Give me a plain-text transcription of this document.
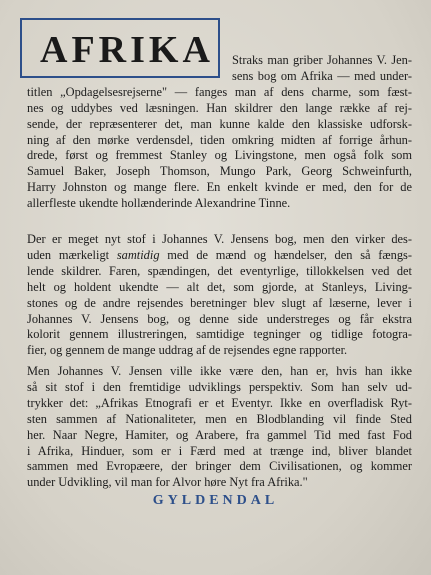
AFRIKA Straks man griber Johannes V. Jen-
sens bog om Afrika — med under-
titlen „Opdagelsesrejserne" — fanges man af dens charme, som fæst-
nes og uddybes ved læsningen. Han skildrer den lange række af rej-
sende, der repræsenterer det, man kunne kalde den klassiske udforsk-
ning af den mørke verdensdel, tiden omkring midten af forrige århun-
drede, først og fremmest Stanley og Livingstone, men også folk som
Samuel Baker, Joseph Thomson, Mungo Park, Georg Schweinfurth,
Harry Johnston og mange flere. En enkelt kvinde er med, den for de
allerfleste ukendte hollænderinde Alexandrine Tinne.
Der er meget nyt stof i Johannes V. Jensens bog, men den virker des-
uden mærkeligt samtidig med de mænd og hændelser, den så fængs-
lende skildrer. Faren, spændingen, det eventyrlige, tillokkelsen ved det
helt og holdent ukendte — alt det, som gjorde, at Stanleys, Living-
stones og de andre rejsendes beretninger blev slugt af læserne, lever i
Johannes V. Jensens bog, og denne side understreges og får ekstra
kolorit gennem illustreringen, samtidige tegninger og tidlige fotogra-
fier, og gennem de mange uddrag af de rejsendes egne rapporter.
Men Johannes V. Jensen ville ikke være den, han er, hvis han ikke
så sit stof i den fremtidige udviklings perspektiv. Som han selv ud-
trykker det: „Afrikas Etnografi er et Eventyr. Ikke en overfladisk Ryt-
sten sammen af Nationaliteter, men en Blodblanding vil finde Sted
her. Naar Negre, Hamiter, og Arabere, fra gammel Tid med fast Fod
i Afrika, Hinduer, som er i Færd med at trænge ind, bliver blandet
sammen med Evropæere, der bringer dem Civilisationen, og kommer
under Udvikling, vil man for Alvor høre Nyt fra Afrika."
GYLDENDAL
